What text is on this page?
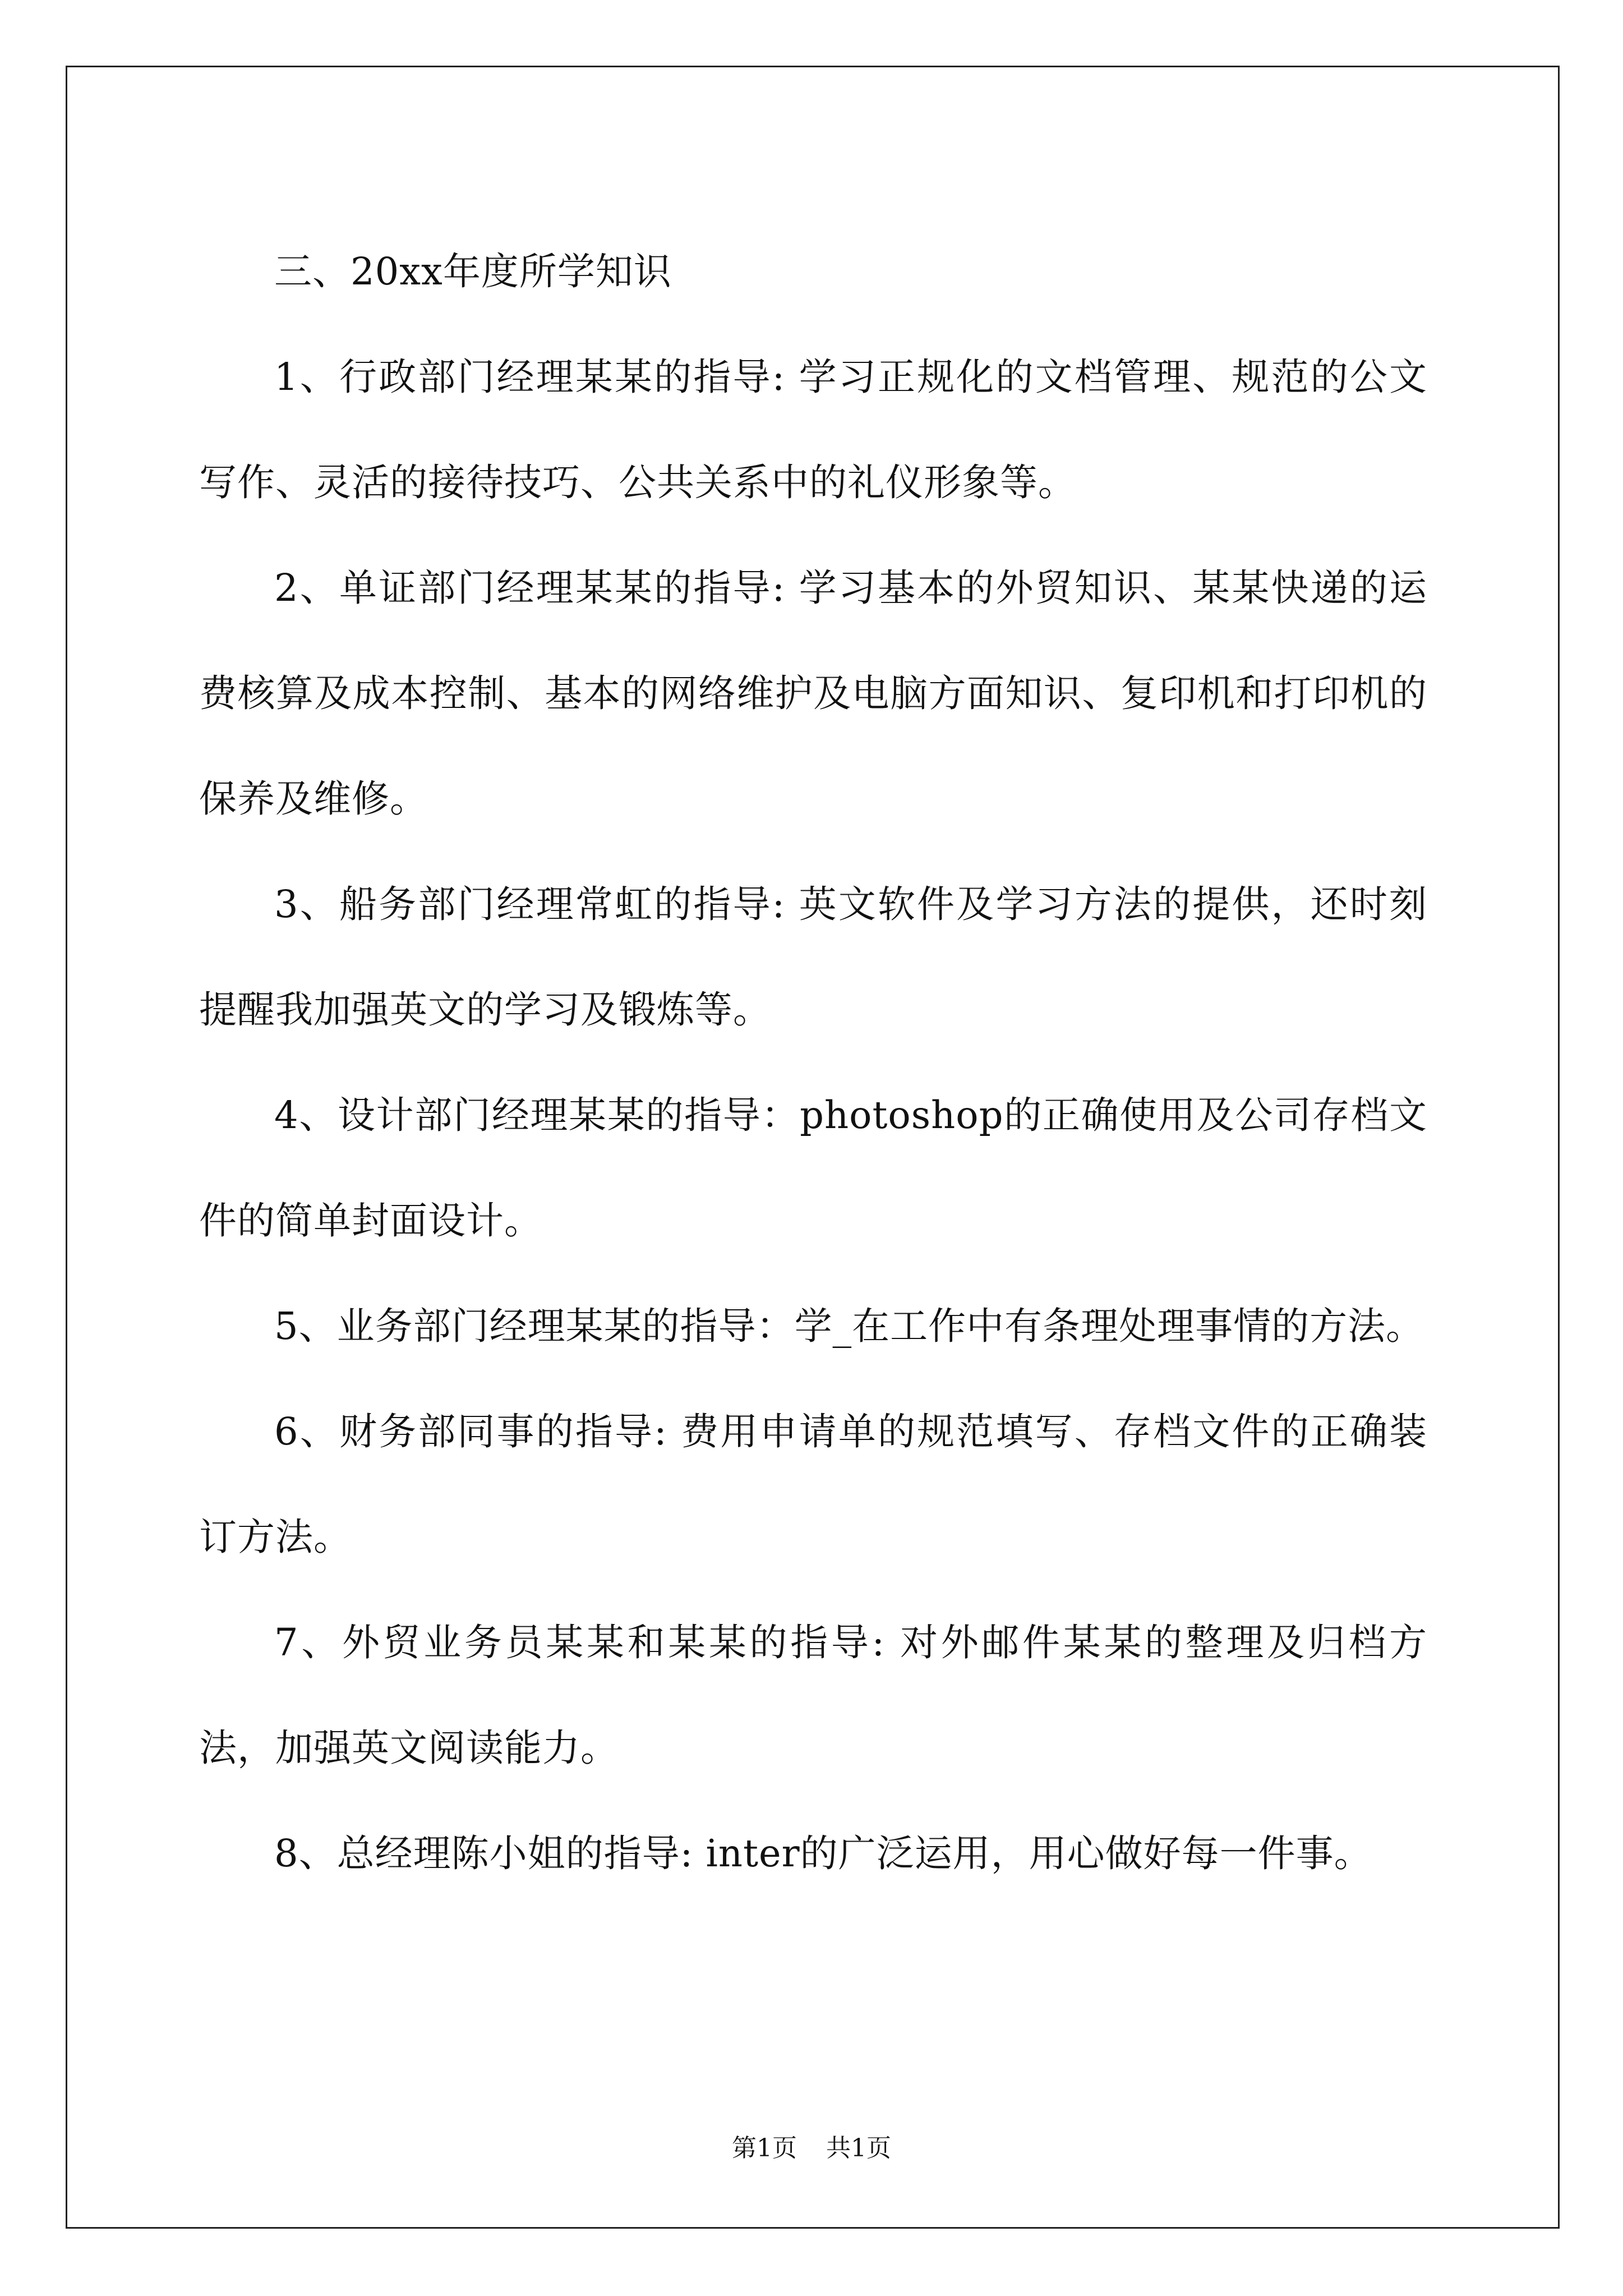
三、20xx年度所学知识

1、行政部门经理某某的指导: 学习正规化的文档管理、规范的公文写作、灵活的接待技巧、公共关系中的礼仪形象等。

2、单证部门经理某某的指导: 学习基本的外贸知识、某某快递的运费核算及成本控制、基本的网络维护及电脑方面知识、复印机和打印机的保养及维修。

3、船务部门经理常虹的指导: 英文软件及学习方法的提供，还时刻提醒我加强英文的学习及锻炼等。

4、设计部门经理某某的指导：photoshop的正确使用及公司存档文件的简单封面设计。

5、业务部门经理某某的指导：学_在工作中有条理处理事情的方法。

6、财务部同事的指导: 费用申请单的规范填写、存档文件的正确装订方法。

7、外贸业务员某某和某某的指导: 对外邮件某某的整理及归档方法，加强英文阅读能力。

8、总经理陈小姐的指导: inter的广泛运用，用心做好每一件事。

第1页 共1页
